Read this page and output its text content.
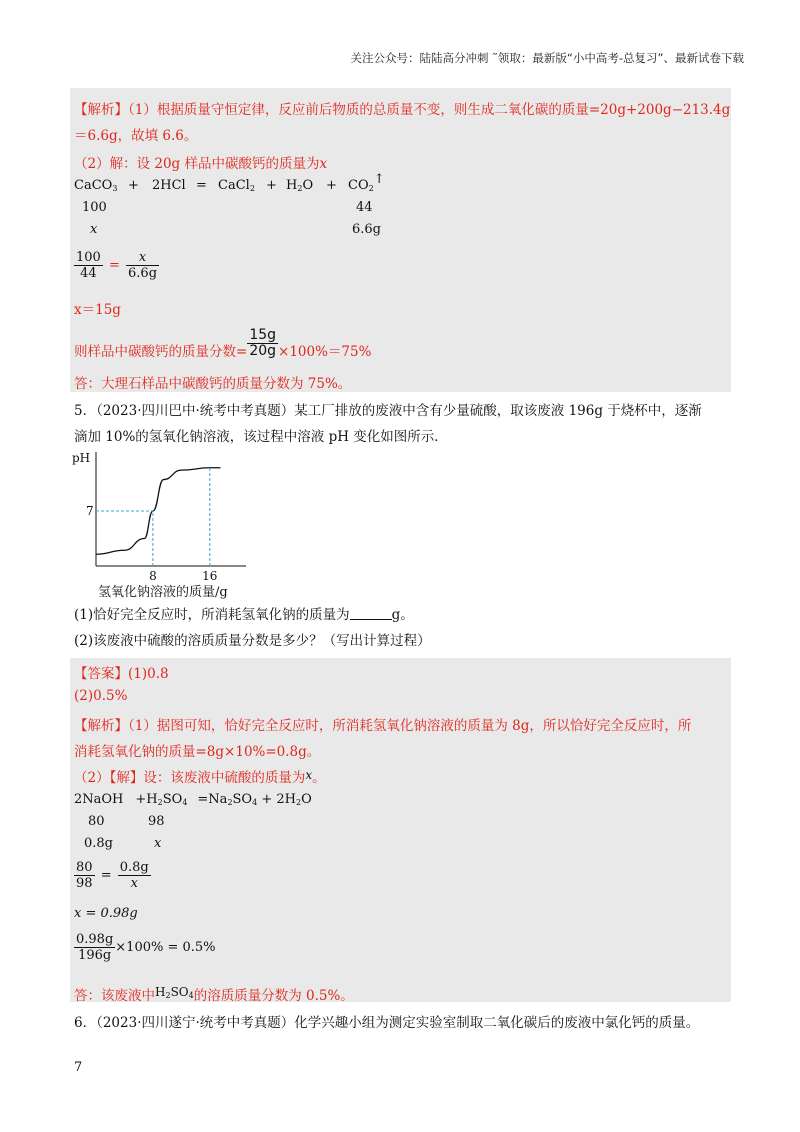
关注公众号：陆陆高分冲刺 ˜领取：最新版“小中高考-总复习”、最新试卷下载
【解析】（1）根据质量守恒定律，反应前后物质的总质量不变，则生成二氧化碳的质量=20g+200g−213.4g
＝6.6g，故填 6.6。
（2）解：设 20g 样品中碳酸钙的质量为x
CaCO$_3$ + 2HCl = CaCl$_2$ + $H_2O$ + $CO_2↑$
100	44
x	6.6g
$\frac{100}{44} = \frac{x}{6.6g}$
x＝15g
则样品中碳酸钙的质量分数= $\frac{15g}{20g} \times 100\%=75\%$
答：大理石样品中碳酸钙的质量分数为 75%。
5．（2023·四川巴中·统考中考真题）某工厂排放的废液中含有少量硫酸，取该废液 196g 于烧杯中，逐渐
滴加 10%的氢氧化钠溶液，该过程中溶液 pH 变化如图所示．
pH
7
8	16
氢氧化钠溶液的质量/g
(1)恰好完全反应时，所消耗氢氧化钠的质量为	g。
(2)该废液中硫酸的溶质质量分数是多少？（写出计算过程）
【答案】(1)0.8
(2)0.5%
【解析】（1）据图可知，恰好完全反应时，所消耗氢氧化钠溶液的质量为 8g，所以恰好完全反应时，所
消耗氢氧化钠的质量=8g×10%=0.8g。
（2）【解】设：该废液中硫酸的质量为x。
2NaOH $+H_2SO_4 =Na_2SO_4 + 2H_2O$
80	98
0.8g	x
$\frac{80}{98} = \frac{0.8g}{x}$
x = 0.98g
$\frac{0.98g}{196g} \times 100\% = 0.5\%$
答：该废液中$H_2SO_4$的溶质质量分数为 0.5%。
6．（2023·四川遂宁·统考中考真题）化学兴趣小组为测定实验室制取二氧化碳后的废液中氯化钙的质量。
7
